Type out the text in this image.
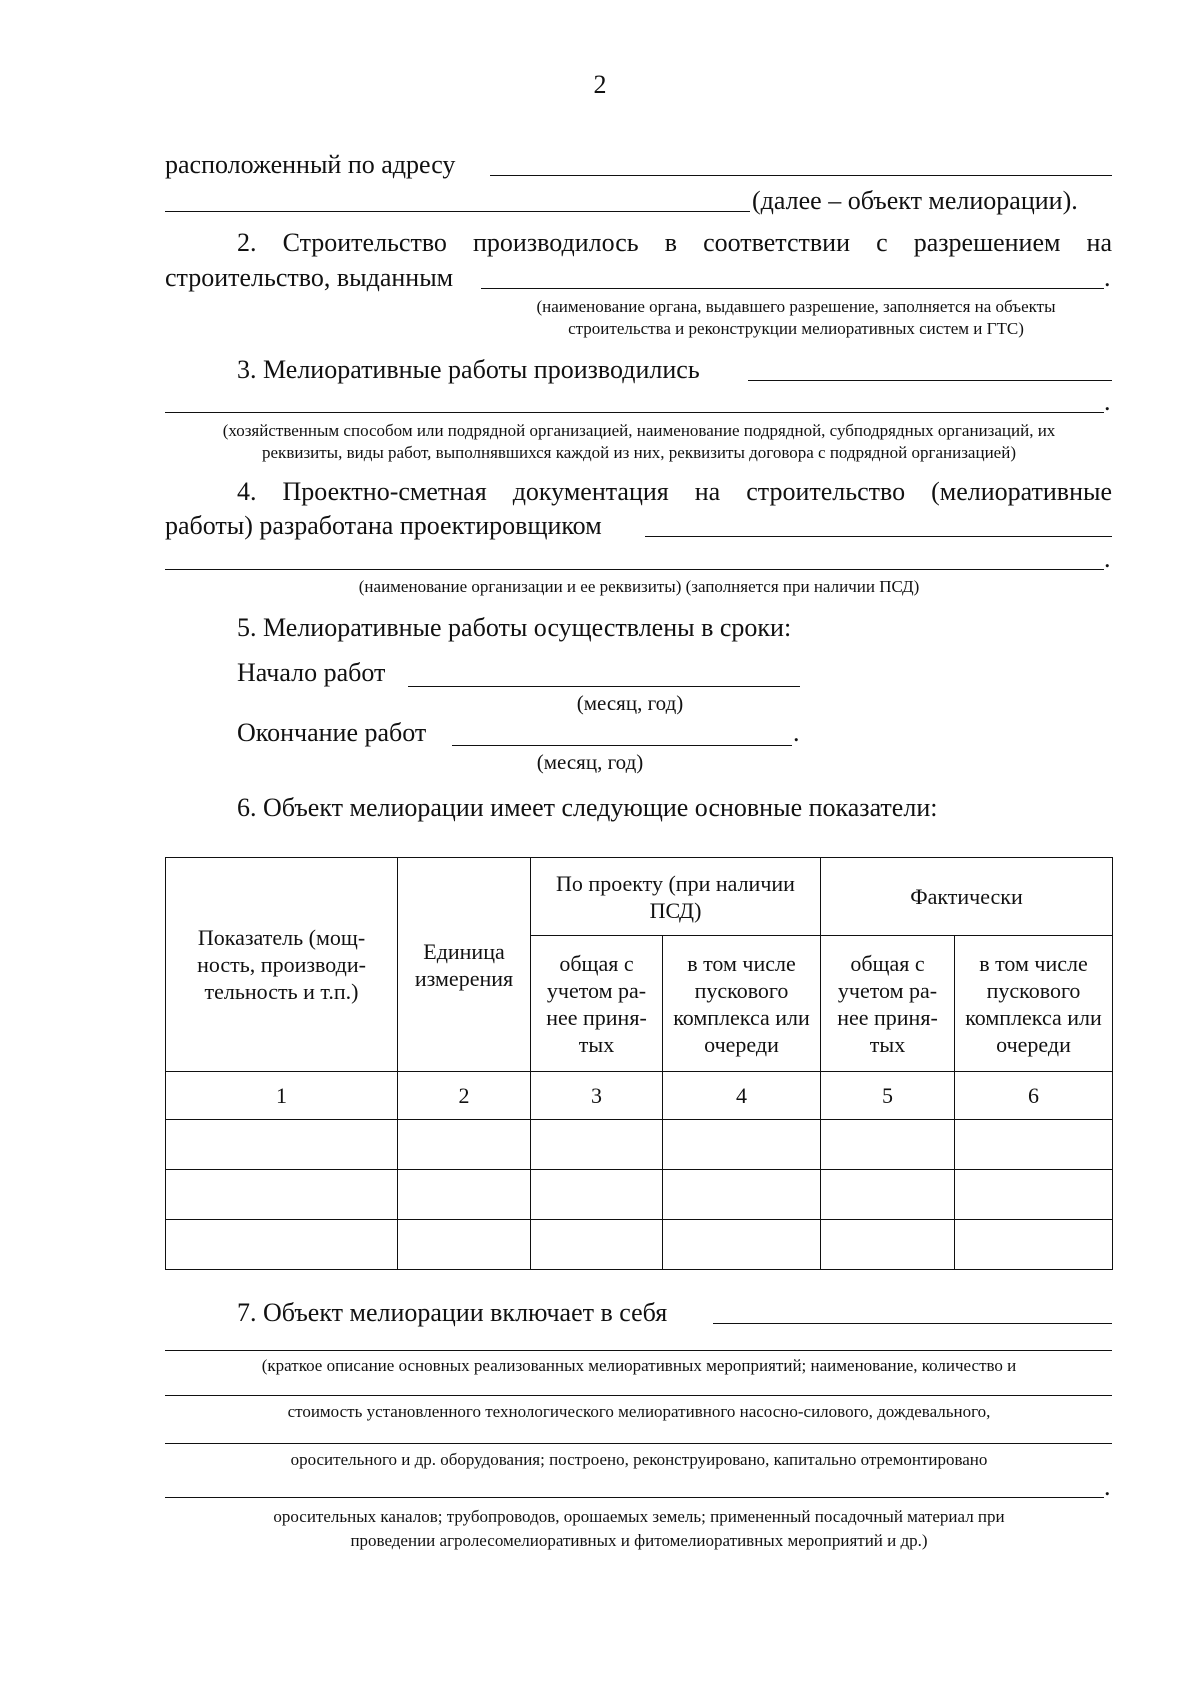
2
расположенный по адресу
(далее – объект мелиорации).
2. Строительство производилось в соответствии с разрешением на
строительство, выданным	.
(наименование органа, выдавшего разрешение, заполняется на объекты
строительства и реконструкции мелиоративных систем и ГТС)
3. Мелиоративные работы производились
.
(хозяйственным способом или подрядной организацией, наименование подрядной, субподрядных организаций, их
реквизиты, виды работ, выполнявшихся каждой из них, реквизиты договора с подрядной организацией)
4. Проектно-сметная документация на строительство (мелиоративные
работы) разработана проектировщиком
.
(наименование организации и ее реквизиты) (заполняется при наличии ПСД)
5. Мелиоративные работы осуществлены в сроки:
Начало работ
(месяц, год)
Окончание работ	.
(месяц, год)
6. Объект мелиорации имеет следующие основные показатели:
Показатель (мощ-ность, производи-тельность и т.п.)	Единица измерения	По проекту (при наличии ПСД)		Фактически	
		общая с учетом ра-нее приня-тых	в том числе пускового комплекса или очереди	общая с учетом ра-нее приня-тых	в том числе пускового комплекса или очереди
1	2	3	4	5	6

7. Объект мелиорации включает в себя
(краткое описание основных реализованных мелиоративных мероприятий; наименование, количество и
стоимость установленного технологического мелиоративного насосно-силового, дождевального,
оросительного и др. оборудования; построено, реконструировано, капитально отремонтировано
.
оросительных каналов; трубопроводов, орошаемых земель; примененный посадочный материал при
проведении агролесомелиоративных и фитомелиоративных мероприятий и др.)
